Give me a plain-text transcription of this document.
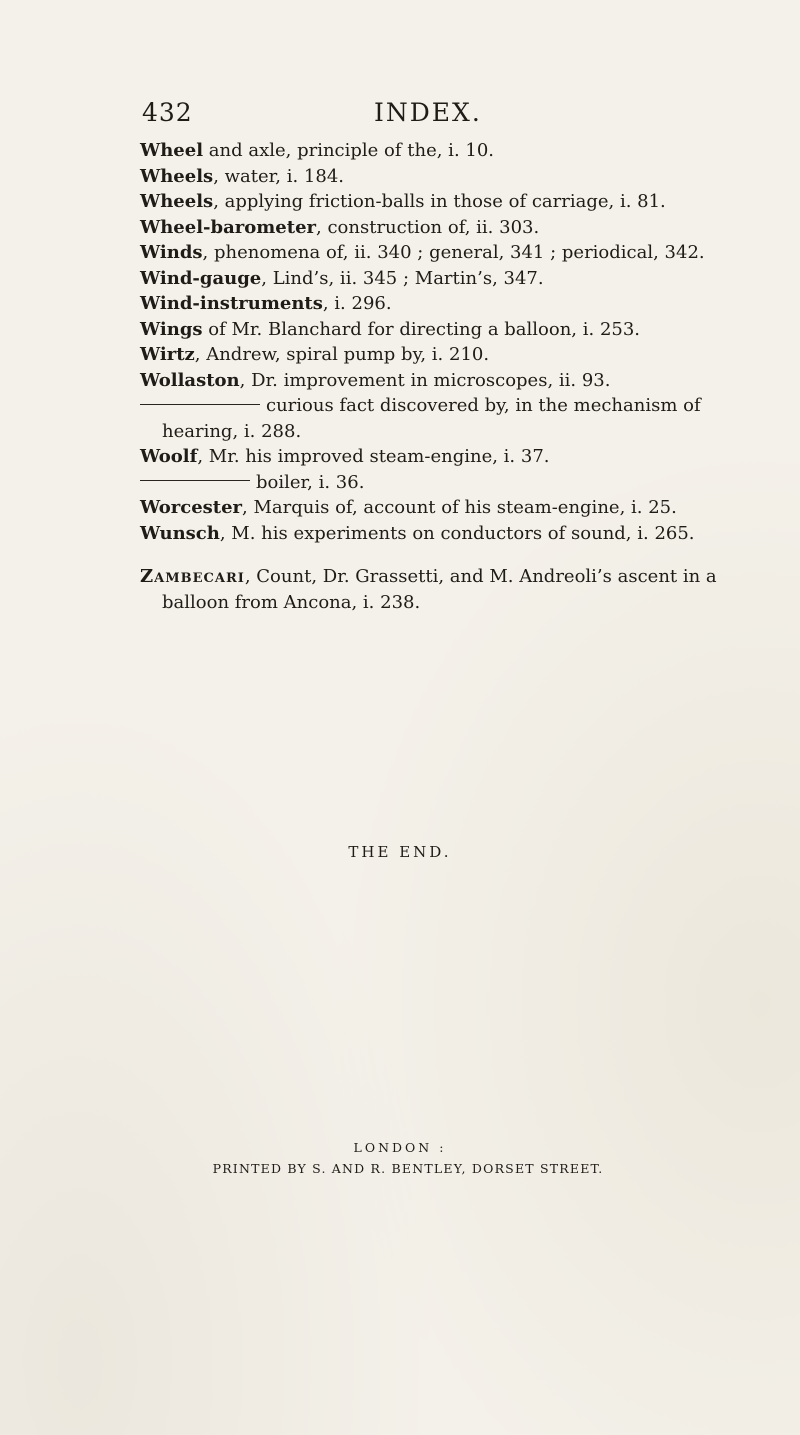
432	INDEX.

Wheel and axle, principle of the, i. 10.

Wheels, water, i. 184.

Wheels, applying friction-balls in those of carriage, i. 81.

Wheel-barometer, construction of, ii. 303.

Winds, phenomena of, ii. 340 ; general, 341 ; periodical, 342.

Wind-gauge, Lind’s, ii. 345 ; Martin’s, 347.

Wind-instruments, i. 296.

Wings of Mr. Blanchard for directing a balloon, i. 253.

Wirtz, Andrew, spiral pump by, i. 210.

Wollaston, Dr. improvement in microscopes, ii. 93.

curious fact discovered by, in the mechanism of

hearing, i. 288.

Woolf, Mr. his improved steam-engine, i. 37.

boiler, i. 36.

Worcester, Marquis of, account of his steam-engine, i. 25.

Wunsch, M. his experiments on conductors of sound, i. 265.

Zambecari, Count, Dr. Grassetti, and M. Andreoli’s ascent in a

balloon from Ancona, i. 238.

THE END.

LONDON :

PRINTED BY S. AND R. BENTLEY, DORSET STREET.
